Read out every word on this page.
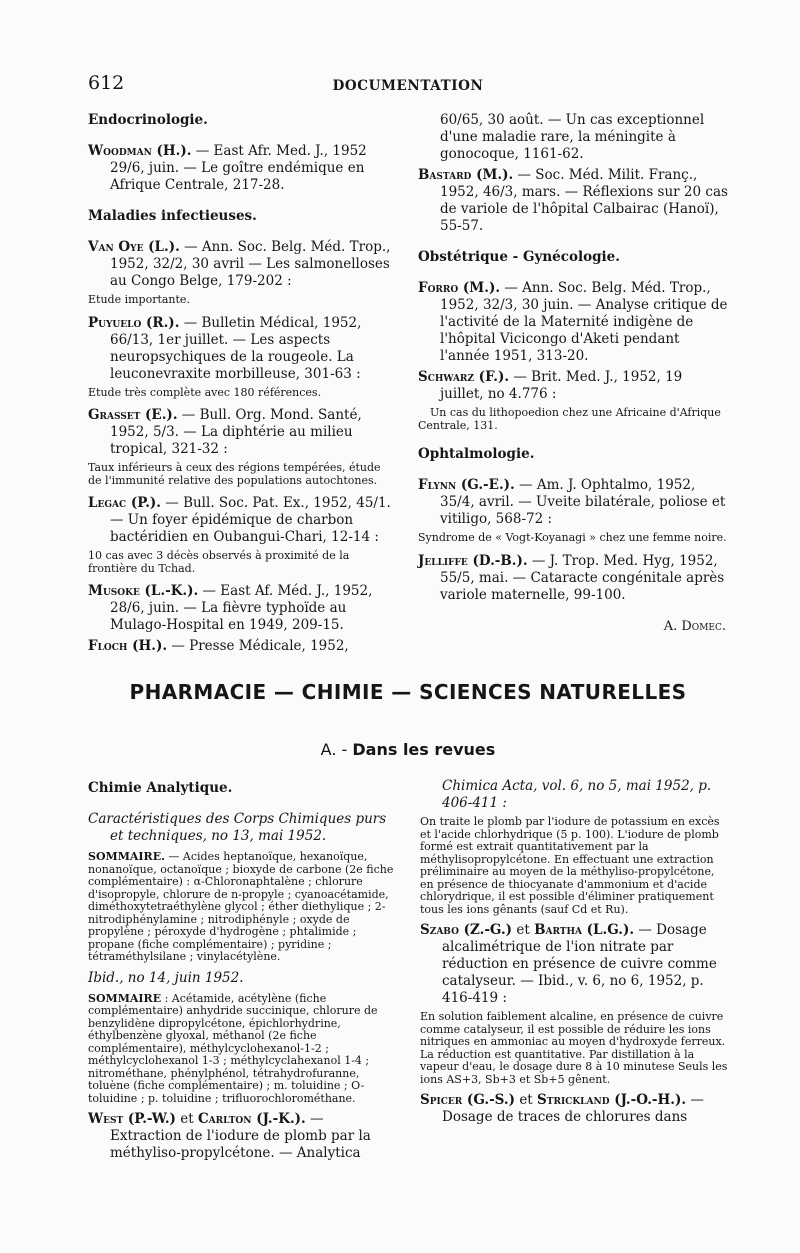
612	DOCUMENTATION
Endocrinologie.
Woodman (H.). — East Afr. Med. J., 1952 29/6, juin. — Le goître endémique en Afrique Centrale, 217-28.
Maladies infectieuses.
Van Oye (L.). — Ann. Soc. Belg. Méd. Trop., 1952, 32/2, 30 avril — Les salmonelloses au Congo Belge, 179-202 :
Etude importante.
Puyuelo (R.). — Bulletin Médical, 1952, 66/13, 1er juillet. — Les aspects neuropsychiques de la rougeole. La leuconevraxite morbilleuse, 301-63 :
Etude très complète avec 180 références.
Grasset (E.). — Bull. Org. Mond. Santé, 1952, 5/3. — La diphtérie au milieu tropical, 321-32 :
Taux inférieurs à ceux des régions tempérées, étude de l'immunité relative des populations autochtones.
Legac (P.). — Bull. Soc. Pat. Ex., 1952, 45/1. — Un foyer épidémique de charbon bactéridien en Oubangui-Chari, 12-14 :
10 cas avec 3 décès observés à proximité de la frontière du Tchad.
Musoke (L.-K.). — East Af. Méd. J., 1952, 28/6, juin. — La fièvre typhoïde au Mulago-Hospital en 1949, 209-15.
Floch (H.). — Presse Médicale, 1952,
60/65, 30 août. — Un cas exceptionnel d'une maladie rare, la méningite à gonocoque, 1161-62.
Bastard (M.). — Soc. Méd. Milit. Franç., 1952, 46/3, mars. — Réflexions sur 20 cas de variole de l'hôpital Calbairac (Hanoï), 55-57.
Obstétrique - Gynécologie.
Forro (M.). — Ann. Soc. Belg. Méd. Trop., 1952, 32/3, 30 juin. — Analyse critique de l'activité de la Maternité indigène de l'hôpital Vicicongo d'Aketi pendant l'année 1951, 313-20.
Schwarz (F.). — Brit. Med. J., 1952, 19 juillet, no 4.776 :
Un cas du lithopoedion chez une Africaine d'Afrique Centrale, 131.
Ophtalmologie.
Flynn (G.-E.). — Am. J. Ophtalmo, 1952, 35/4, avril. — Uveite bilatérale, poliose et vitiligo, 568-72 :
Syndrome de « Vogt-Koyanagi » chez une femme noire.
Jelliffe (D.-B.). — J. Trop. Med. Hyg, 1952, 55/5, mai. — Cataracte congénitale après variole maternelle, 99-100.
A. Domec.
PHARMACIE — CHIMIE — SCIENCES NATURELLES
A. - Dans les revues
Chimie Analytique.
Caractéristiques des Corps Chimiques purs et techniques, no 13, mai 1952.
SOMMAIRE. — Acides heptanoïque, hexanoïque, nonanoïque, octanoïque ; bioxyde de carbone (2e fiche complémentaire) : α-Chloronaphtalène ; chlorure d'isopropyle, chlorure de n-propyle ; cyanoacétamide, diméthoxytetraéthylène glycol ; éther diethylique ; 2-nitrodiphénylamine ; nitrodiphényle ; oxyde de propylène ; péroxyde d'hydrogène ; phtalimide ; propane (fiche complémentaire) ; pyridine ; tétraméthylsilane ; vinylacétylène.
Ibid., no 14, juin 1952.
SOMMAIRE : Acétamide, acétylène (fiche complémentaire) anhydride succinique, chlorure de benzylidène dipropylcétone, épichlorhydrine, éthylbenzène glyoxal, méthanol (2e fiche complémentaire), méthylcyclohexanol-1-2 ; méthylcyclohexanol 1-3 ; méthylcyclahexanol 1-4 ; nitrométhane, phénylphénol, tétrahydrofuranne, toluène (fiche complémentaire) ; m. toluidine ; O-toluidine ; p. toluidine ; trifluorochlorométhane.
West (P.-W.) et Carlton (J.-K.). — Extraction de l'iodure de plomb par la méthyliso-propylcétone. — Analytica
Chimica Acta, vol. 6, no 5, mai 1952, p. 406-411 :
On traite le plomb par l'iodure de potassium en excès et l'acide chlorhydrique (5 p. 100). L'iodure de plomb formé est extrait quantitativement par la méthylisopropylcétone. En effectuant une extraction préliminaire au moyen de la méthyliso-propylcétone, en présence de thiocyanate d'ammonium et d'acide chlorydrique, il est possible d'éliminer pratiquement tous les ions gênants (sauf Cd et Ru).
Szabo (Z.-G.) et Bartha (L.G.). — Dosage alcalimétrique de l'ion nitrate par réduction en présence de cuivre comme catalyseur. — Ibid., v. 6, no 6, 1952, p. 416-419 :
En solution faiblement alcaline, en présence de cuivre comme catalyseur, il est possible de réduire les ions nitriques en ammoniac au moyen d'hydroxyde ferreux. La réduction est quantitative. Par distillation à la vapeur d'eau, le dosage dure 8 à 10 minutese Seuls les ions AS+3, Sb+3 et Sb+5 gênent.
Spicer (G.-S.) et Strickland (J.-O.-H.). — Dosage de traces de chlorures dans
